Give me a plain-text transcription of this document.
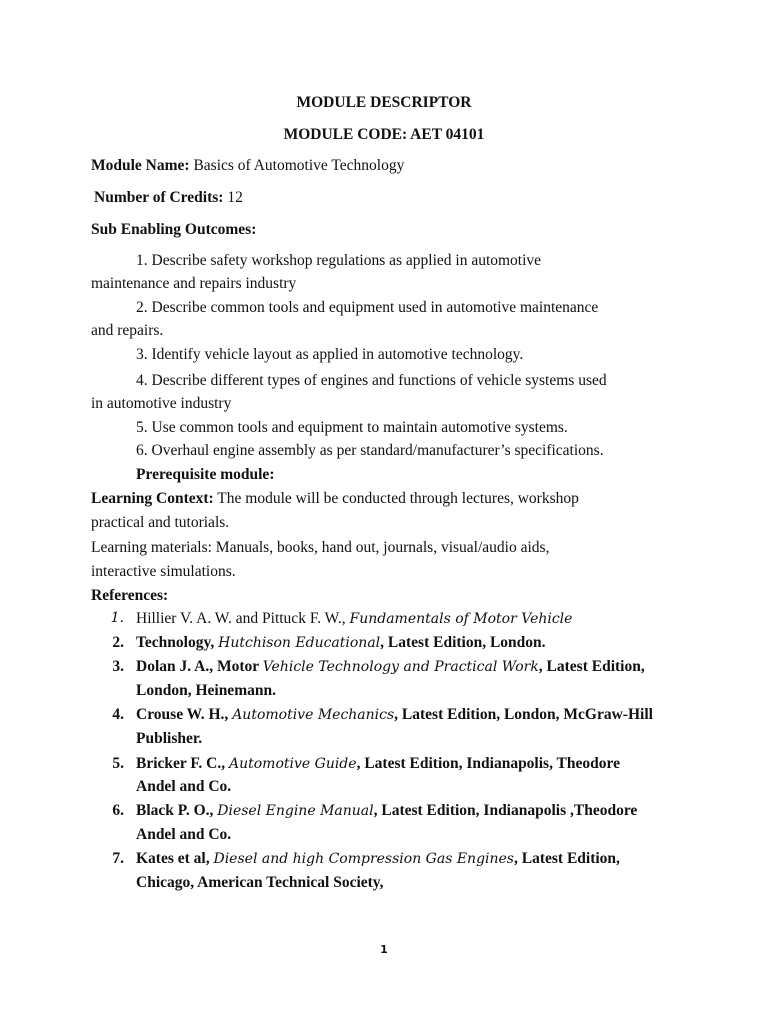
MODULE DESCRIPTOR
MODULE CODE: AET 04101
Module Name: Basics of Automotive Technology
Number of Credits: 12
Sub Enabling Outcomes:
1. Describe safety workshop regulations as applied in automotive
maintenance and repairs industry
2. Describe common tools and equipment used in automotive maintenance
and repairs.
3. Identify vehicle layout as applied in automotive technology.
4. Describe different types of engines and functions of vehicle systems used
in automotive industry
5. Use common tools and equipment to maintain automotive systems.
6. Overhaul engine assembly as per standard/manufacturer’s specifications.
Prerequisite module:
Learning Context: The module will be conducted through lectures, workshop
practical and tutorials.
Learning materials: Manuals, books, hand out, journals, visual/audio aids,
interactive simulations.
References:
1. Hillier V. A. W. and Pittuck F. W., Fundamentals of Motor Vehicle
2. Technology, Hutchison Educational, Latest Edition, London.
3. Dolan J. A., Motor Vehicle Technology and Practical Work, Latest Edition,
London, Heinemann.
4. Crouse W. H., Automotive Mechanics, Latest Edition, London, McGraw-Hill
Publisher.
5. Bricker F. C., Automotive Guide, Latest Edition, Indianapolis, Theodore
Andel and Co.
6. Black P. O., Diesel Engine Manual, Latest Edition, Indianapolis ,Theodore
Andel and Co.
7. Kates et al, Diesel and high Compression Gas Engines, Latest Edition,
Chicago, American Technical Society,
1
